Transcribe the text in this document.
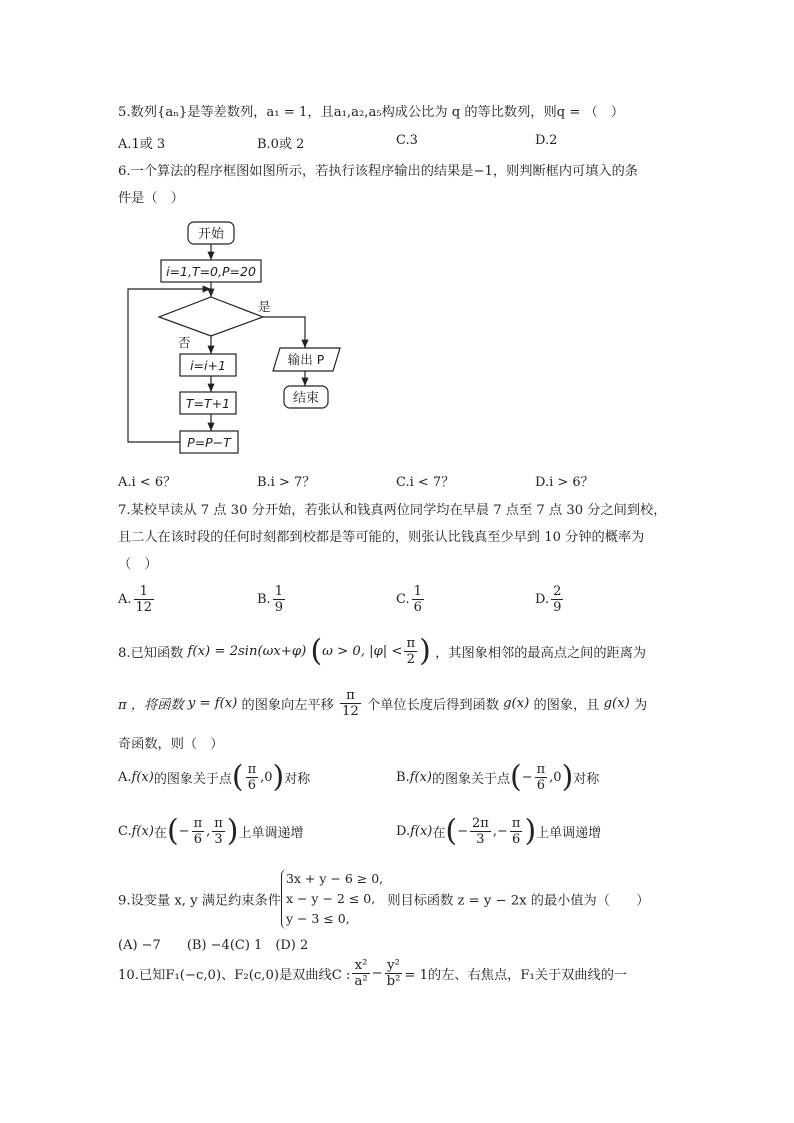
5.数列{aₙ}是等差数列，a₁ = 1，且a₁,a₂,a₅构成公比为 q 的等比数列，则q = （　）
A.1或 3	B.0或 2	C.3	D.2
6.一个算法的程序框图如图所示，若执行该程序输出的结果是−1，则判断框内可填入的条
件是（　）
开始
i=1,T=0,P=20
是
否
i=i+1
T=T+1
P=P−T
输出 P
结束
A.i < 6？	B.i > 7？	C.i < 7？	D.i > 6？
7.某校早读从 7 点 30 分开始，若张认和钱真两位同学均在早晨 7 点至 7 点 30 分之间到校，
且二人在该时段的任何时刻都到校都是等可能的，则张认比钱真至少早到 10 分钟的概率为
（　）
A. $\frac{1}{12}$	B. $\frac{1}{9}$	C. $\frac{1}{6}$	D. $\frac{2}{9}$
8.已知函数 f(x) = 2sin(ωx+φ) (ω > 0, $|\varphi| < \frac{\pi}{2}$ ) ，其图象相邻的最高点之间的距离为
π ，将函数 y = f(x) 的图象向左平移 $\frac{\pi}{12}$ 个单位长度后得到函数 g(x) 的图象，且 g(x) 为
奇函数，则（　）
A.f(x)的图象关于点( $\frac{\pi}{6} ,0$)对称	B.f(x)的图象关于点(− $\frac{\pi}{6} ,0$)对称
C.f(x)在(− $\frac{\pi}{6}$ , $\frac{\pi}{3}$ )上单调递增	D.f(x)在(− $\frac{2\pi}{3}$ ,− $\frac{\pi}{6}$ )上单调递增
9.设变量 x, y 满足约束条件
3x + y − 6 ≥ 0,
x − y − 2 ≤ 0,
y − 3 ≤ 0,
则目标函数 z = y − 2x 的最小值为（　　）
(A) −7　　(B) −4(C) 1　(D) 2
10.已知F₁(−c,0)、F₂(c,0)是双曲线C : $\frac{\text{x²}}{\text{a²}} - \frac{\text{y²}}{\text{b²}} = 1$的左、右焦点，F₁关于双曲线的一
